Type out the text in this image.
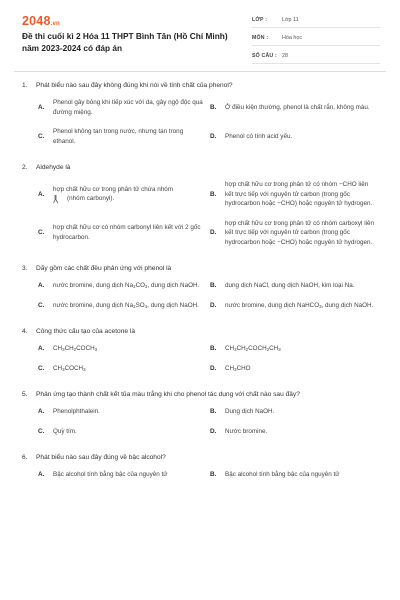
2048.vn
Đề thi cuối kì 2 Hóa 11 THPT Bình Tân (Hồ Chí Minh) năm 2023-2024 có đáp án
LỚP :	Lớp 11
MÔN :	Hóa học
SỐ CÂU : 28
1.	Phát biểu nào sau đây không đúng khi nói về tính chất của phenol?
A.
Phenol gây bỏng khi tiếp xúc với da, gây ngộ độc qua đường miệng.
B.	Ở điều kiện thường, phenol là chất rắn, không màu.
C.
Phenol không tan trong nước, nhưng tan trong ethanol.
D.	Phenol có tính acid yếu.
2.	Aldehyde là
A.
hợp chất hữu cơ trong phân tử chứa nhóm
(nhóm carbonyl).
B.
hợp chất hữu cơ trong phân tử có nhóm −CHO liên kết trực tiếp với nguyên tử carbon (trong gốc hydrocarbon hoặc −CHO) hoặc nguyên tử hydrogen.
C.
hợp chất hữu cơ có nhóm carbonyl liên kết với 2 gốc hydrocarbon.
D.
hợp chất hữu cơ trong phân tử có nhóm carboxyl liên kết trực tiếp với nguyên tử carbon (trong gốc hydrocarbon hoặc −CHO) hoặc nguyên tử hydrogen.
3.	Dãy gồm các chất đều phản ứng với phenol là
A.	nước bromine, dung dịch $Na_2CO_3$, dung dịch NaOH.	B.	dung dịch NaCl, dung dịch NaOH, kim loại Na.
C.	nước bromine, dung dịch $Na_2SO_4$, dung dịch NaOH.	D.	nước bromine, dung dịch NaHCO$_3$, dung dịch NaOH.
4.	Công thức cấu tạo của acetone là
A.	$CH_3CH_2COCH_3$	B.	$CH_3CH_2COCH_2CH_3$
C.	$CH_3COCH_3$	D.	$CH_3CHO$
5.	Phản ứng tạo thành chất kết tủa màu trắng khi cho phenol tác dụng với chất nào sau đây?
A.	Phenolphthalein.	B.	Dung dịch NaOH.
C.	Quỳ tím.	D.	Nước bromine.
6.	Phát biểu nào sau đây đúng về bậc alcohol?
A.	Bậc alcohol tính bằng bậc của nguyên tử	B.	Bậc alcohol tính bằng bậc của nguyên tử
